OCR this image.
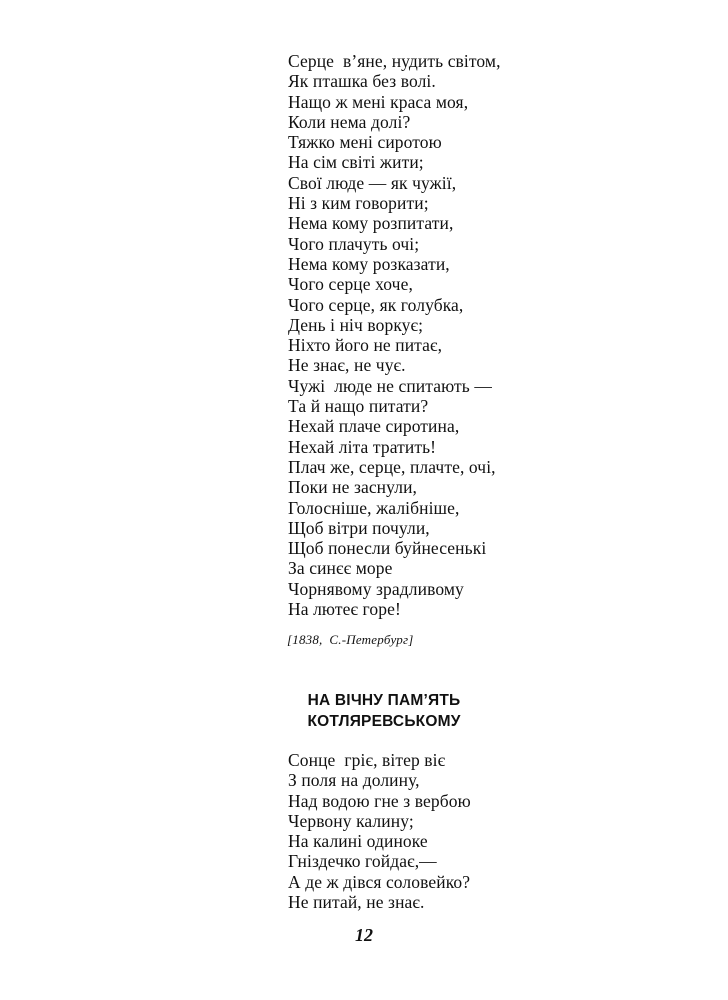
Серце  в’яне, нудить світом,
Як пташка без волі.
Нащо ж мені краса моя,
Коли нема долі?
Тяжко мені сиротою
На сім світі жити;
Свої люде — як чужії,
Ні з ким говорити;
Нема кому розпитати,
Чого плачуть очі;
Нема кому розказати,
Чого серце хоче,
Чого серце, як голубка,
День і ніч воркує;
Ніхто його не питає,
Не знає, не чує.
Чужі  люде не спитають —
Та й нащо питати?
Нехай плаче сиротина,
Нехай літа тратить!
Плач же, серце, плачте, очі,
Поки не заснули,
Голосніше, жалібніше,
Щоб вітри почули,
Щоб понесли буйнесенькі
За синєє море
Чорнявому зрадливому
На лютеє горе!
[1838,  С.-Петербург]
НА ВІЧНУ ПАМ’ЯТЬ
КОТЛЯРЕВСЬКОМУ
Сонце  гріє, вітер віє
З поля на долину,
Над водою гне з вербою
Червону калину;
На калині одиноке
Гніздечко гойдає,—
А де ж дівся соловейко?
Не питай, не знає.
12
